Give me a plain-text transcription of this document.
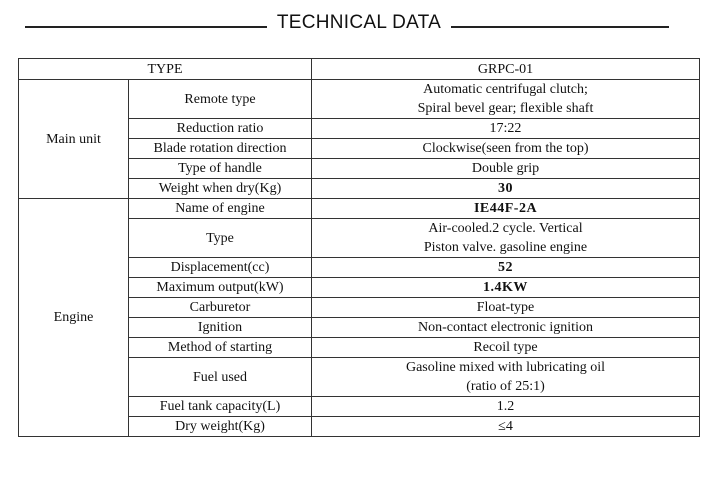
TECHNICAL DATA
TYPE		GRPC-01
Main unit	Remote type	Automatic centrifugal clutch;
Spiral bevel gear; flexible shaft

	Reduction ratio	17:22
	Blade rotation direction	Clockwise(seen from the top)
	Type of handle	Double grip
	Weight when dry(Kg)	30
Engine	Name of engine	IE44F-2A
	Type	Air-cooled.2 cycle. Vertical
Piston valve. gasoline engine

	Displacement(cc)	52
	Maximum output(kW)	1.4KW
	Carburetor	Float-type
	Ignition	Non-contact electronic ignition
	Method of starting	Recoil type
	Fuel used	Gasoline mixed with lubricating oil
(ratio of 25:1)

	Fuel tank capacity(L)	1.2
	Dry weight(Kg)	≤4
